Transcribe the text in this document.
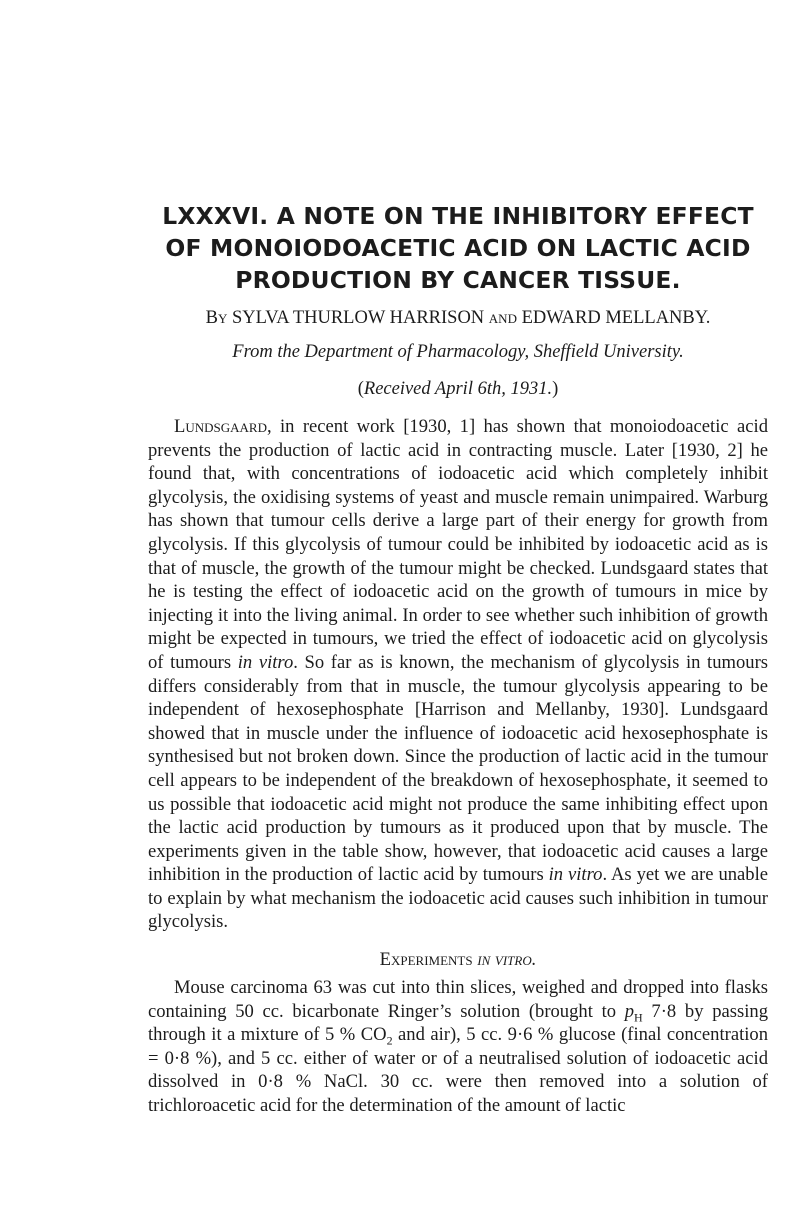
LXXXVI. A NOTE ON THE INHIBITORY EFFECT
OF MONOIODOACETIC ACID ON LACTIC ACID
PRODUCTION BY CANCER TISSUE.
By SYLVA THURLOW HARRISON and EDWARD MELLANBY.
From the Department of Pharmacology, Sheffield University.
(Received April 6th, 1931.)

Lundsgaard, in recent work [1930, 1] has shown that monoiodoacetic acid prevents the production of lactic acid in contracting muscle. Later [1930, 2] he found that, with concentrations of iodoacetic acid which completely inhibit glycolysis, the oxidising systems of yeast and muscle remain unimpaired. Warburg has shown that tumour cells derive a large part of their energy for growth from glycolysis. If this glycolysis of tumour could be inhibited by iodoacetic acid as is that of muscle, the growth of the tumour might be checked. Lundsgaard states that he is testing the effect of iodoacetic acid on the growth of tumours in mice by injecting it into the living animal. In order to see whether such inhibition of growth might be expected in tumours, we tried the effect of iodoacetic acid on glycolysis of tumours in vitro. So far as is known, the mechanism of glycolysis in tumours differs considerably from that in muscle, the tumour glycolysis appearing to be independent of hexosephosphate [Harrison and Mellanby, 1930]. Lundsgaard showed that in muscle under the influence of iodoacetic acid hexosephosphate is synthesised but not broken down. Since the production of lactic acid in the tumour cell appears to be independent of the breakdown of hexosephosphate, it seemed to us possible that iodoacetic acid might not produce the same inhibiting effect upon the lactic acid production by tumours as it produced upon that by muscle. The experiments given in the table show, however, that iodoacetic acid causes a large inhibition in the production of lactic acid by tumours in vitro. As yet we are unable to explain by what mechanism the iodoacetic acid causes such inhibition in tumour glycolysis.

Experiments in vitro.

Mouse carcinoma 63 was cut into thin slices, weighed and dropped into flasks containing 50 cc. bicarbonate Ringer’s solution (brought to $p_H$ 7·8 by passing through it a mixture of 5 % $CO_2$ and air), 5 cc. 9·6 % glucose (final concentration = 0·8 %), and 5 cc. either of water or of a neutralised solution of iodoacetic acid dissolved in 0·8 % NaCl. 30 cc. were then removed into a solution of trichloroacetic acid for the determination of the amount of lactic
